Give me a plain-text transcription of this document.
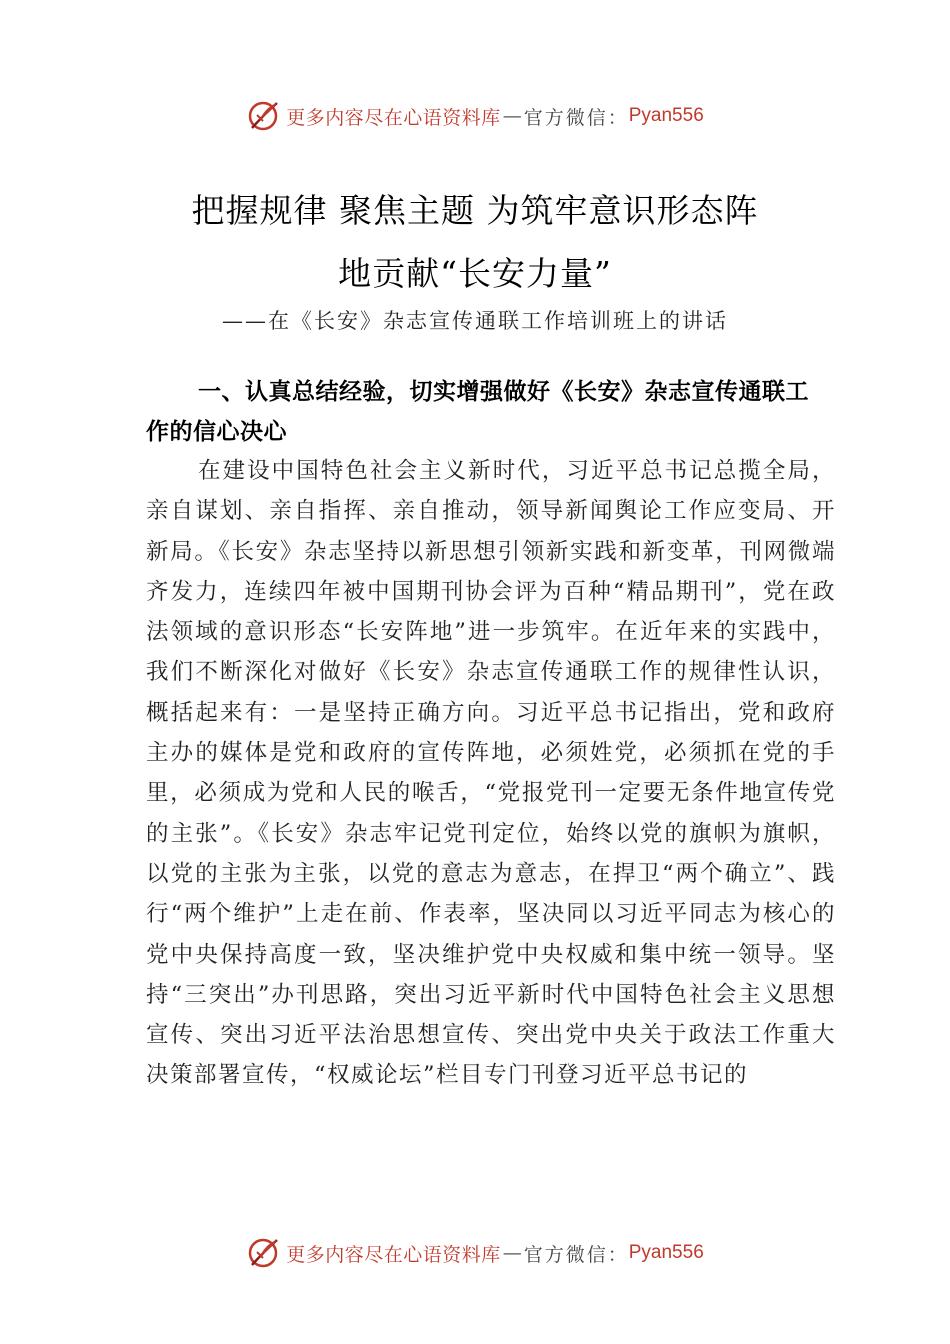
更多内容尽在心语资料库 — 官方微信： Pyan556
把握规律 聚焦主题 为筑牢意识形态阵
地贡献“长安力量”
——在《长安》杂志宣传通联工作培训班上的讲话
一、认真总结经验，切实增强做好《长安》杂志宣传通联工作的信心决心
在建设中国特色社会主义新时代，习近平总书记总揽全局，亲自谋划、亲自指挥、亲自推动，领导新闻舆论工作应变局、开新局。《长安》杂志坚持以新思想引领新实践和新变革，刊网微端齐发力，连续四年被中国期刊协会评为百种“精品期刊”，党在政法领域的意识形态“长安阵地”进一步筑牢。在近年来的实践中，我们不断深化对做好《长安》杂志宣传通联工作的规律性认识，概括起来有：一是坚持正确方向。习近平总书记指出，党和政府主办的媒体是党和政府的宣传阵地，必须姓党，必须抓在党的手里，必须成为党和人民的喉舌，“党报党刊一定要无条件地宣传党的主张”。《长安》杂志牢记党刊定位，始终以党的旗帜为旗帜，以党的主张为主张，以党的意志为意志，在捍卫“两个确立”、践行“两个维护”上走在前、作表率，坚决同以习近平同志为核心的党中央保持高度一致，坚决维护党中央权威和集中统一领导。坚持“三突出”办刊思路，突出习近平新时代中国特色社会主义思想宣传、突出习近平法治思想宣传、突出党中央关于政法工作重大决策部署宣传，“权威论坛”栏目专门刊登习近平总书记的
更多内容尽在心语资料库 — 官方微信： Pyan556
